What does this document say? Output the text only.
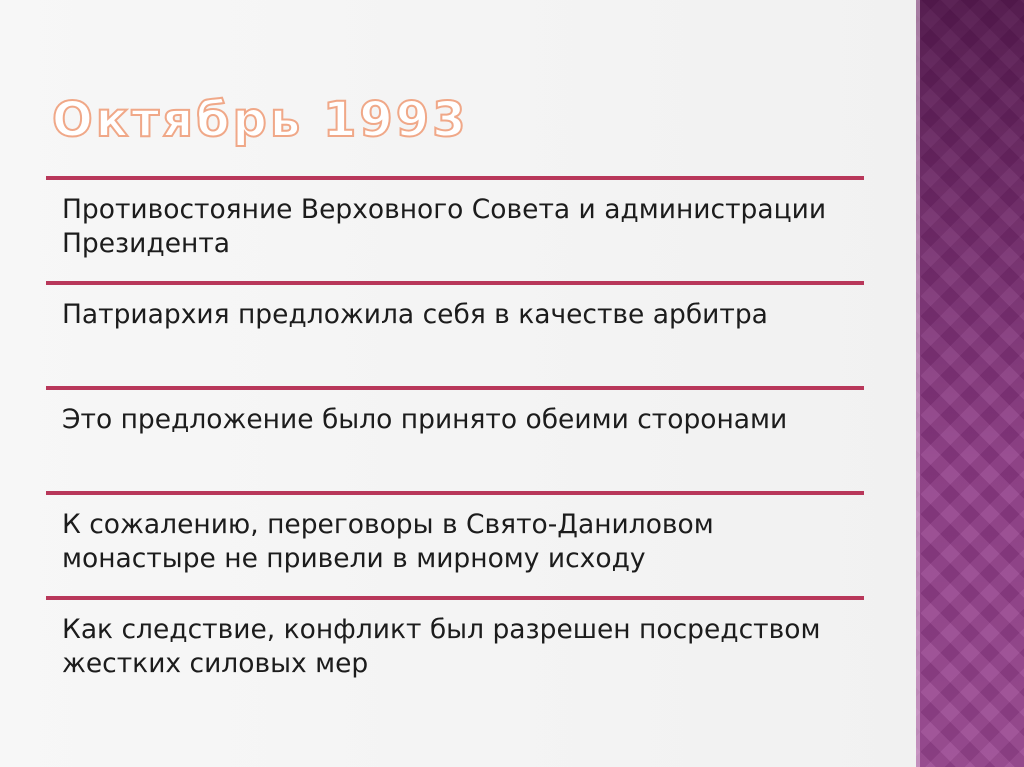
Октябрь 1993
Противостояние Верховного Совета и администрации Президента
Патриархия предложила себя в качестве арбитра
Это предложение было принято обеими сторонами
К сожалению, переговоры в Свято-Даниловом монастыре не привели в мирному исходу
Как следствие, конфликт был разрешен посредством жестких силовых мер
